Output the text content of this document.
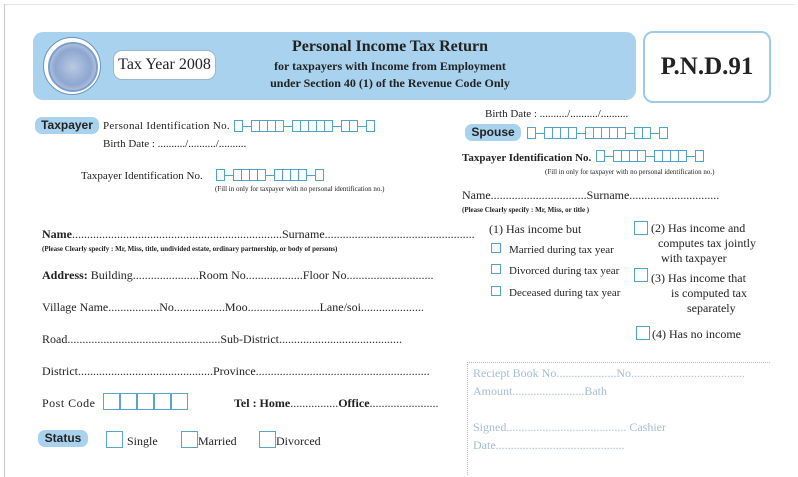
Tax Year 2008
Personal Income Tax Return
for taxpayers with Income from Employment
under Section 40 (1) of the Revenue Code Only
P.N.D.91
Taxpayer Personal Identification No.
Birth Date : ........../........../..........
Taxpayer Identification No.
(Fill in only for taxpayer with no personal identification no.)
Birth Date : ........../........../..........
Spouse
Taxpayer Identification No.
(Fill in only for taxpayer with no personal identification no.)
Name................................Surname..............................
(Please Clearly specify : Mr, Miss, or title )
Name......................................................................Surname..................................................
(Please Clearly specify : Mr, Miss, title, undivided estate, ordinary partnership, or body of persons)
Address: Building......................Room No...................Floor No.............................
Village Name.................No.................Moo........................Lane/soi.....................
Road...................................................Sub-District.........................................
District.............................................Province..........................................................
Post Code	Tel : Home................Office.......................
Status	Single	Married	Divorced
(1) Has income but
Married during tax year
Divorced during tax year
Deceased during tax year
(2) Has income and
computes tax jointly
with taxpayer
(3) Has income that
is computed tax
separately
(4) Has no income
Reciept Book No....................No......................................
Amount........................Bath
Signed........................................ Cashier
Date...........................................
